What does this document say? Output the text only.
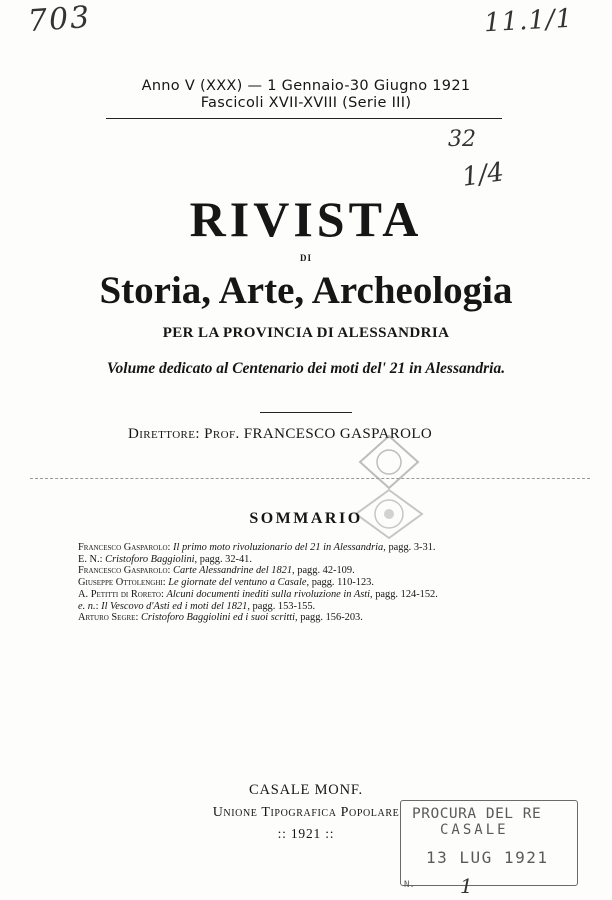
703	11.1/1
32
1/4
Anno V (XXX) — 1 Gennaio-30 Giugno 1921
Fascicoli XVII-XVIII (Serie III)
RIVISTA
DI
Storia, Arte, Archeologia
PER LA PROVINCIA DI ALESSANDRIA
Volume dedicato al Centenario dei moti del' 21 in Alessandria.
Direttore: Prof. FRANCESCO GASPAROLO
SOMMARIO
Francesco Gasparolo: Il primo moto rivoluzionario del 21 in Alessandria, pagg. 3-31.
E. N.: Cristoforo Baggiolini, pagg. 32-41.
Francesco Gasparolo: Carte Alessandrine del 1821, pagg. 42-109.
Giuseppe Ottolenghi: Le giornate del ventuno a Casale, pagg. 110-123.
A. Petitti di Roreto: Alcuni documenti inediti sulla rivoluzione in Asti, pagg. 124-152.
e. n.: Il Vescovo d'Asti ed i moti del 1821, pagg. 153-155.
Arturo Segre: Cristoforo Baggiolini ed i suoi scritti, pagg. 156-203.
CASALE MONF.
Unione Tipografica Popolare
:: 1921 ::
PROCURA DEL RE
CASALE
13 LUG 1921
N. 1
